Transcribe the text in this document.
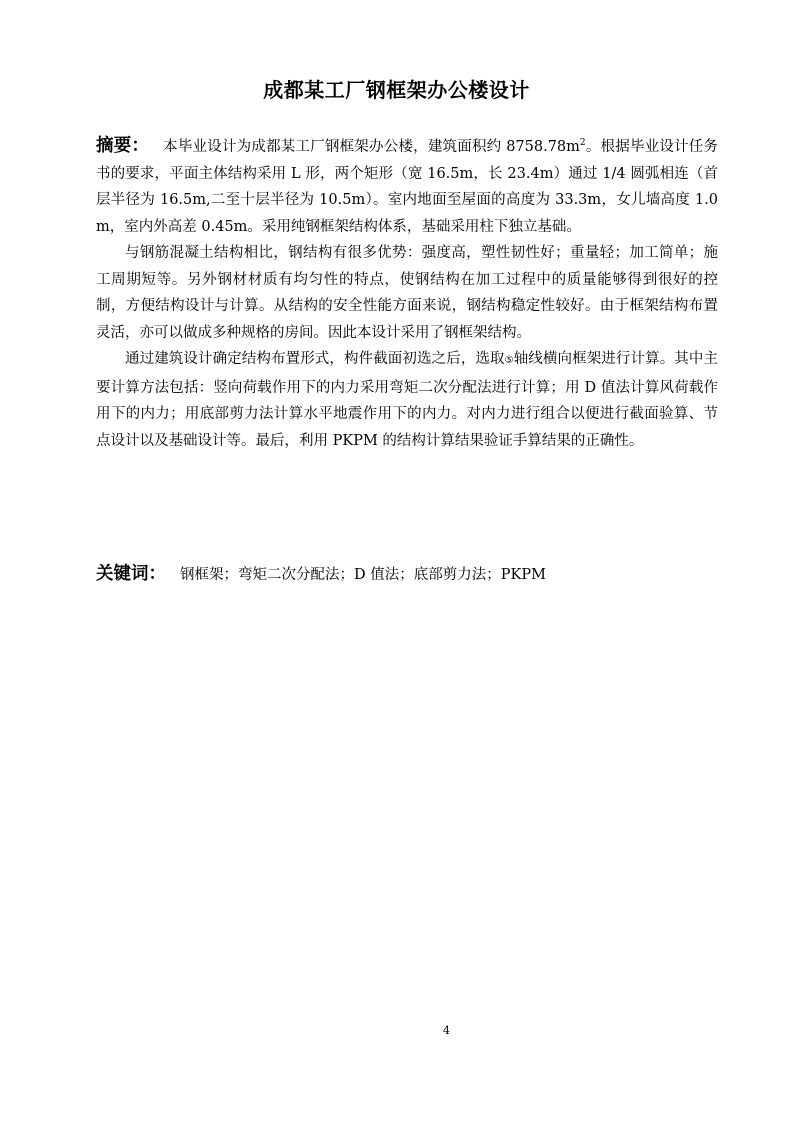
成都某工厂钢框架办公楼设计

摘要： 本毕业设计为成都某工厂钢框架办公楼，建筑面积约 $8758.78m^2$。根据毕业设计任务书的要求，平面主体结构采用 L 形，两个矩形（宽 16.5m，长 23.4m）通过 1/4 圆弧相连（首层半径为 16.5m,二至十层半径为 10.5m）。室内地面至屋面的高度为 33.3m，女儿墙高度 1.0 m，室内外高差 0.45m。采用纯钢框架结构体系，基础采用柱下独立基础。

与钢筋混凝土结构相比，钢结构有很多优势：强度高，塑性韧性好；重量轻；加工简单；施工周期短等。另外钢材材质有均匀性的特点，使钢结构在加工过程中的质量能够得到很好的控制，方便结构设计与计算。从结构的安全性能方面来说，钢结构稳定性较好。由于框架结构布置灵活，亦可以做成多种规格的房间。因此本设计采用了钢框架结构。

通过建筑设计确定结构布置形式，构件截面初选之后，选取⑤轴线横向框架进行计算。其中主要计算方法包括：竖向荷载作用下的内力采用弯矩二次分配法进行计算；用 D 值法计算风荷载作用下的内力；用底部剪力法计算水平地震作用下的内力。对内力进行组合以便进行截面验算、节点设计以及基础设计等。最后，利用 PKPM 的结构计算结果验证手算结果的正确性。

关键词： 钢框架；弯矩二次分配法；D 值法；底部剪力法；PKPM
4
